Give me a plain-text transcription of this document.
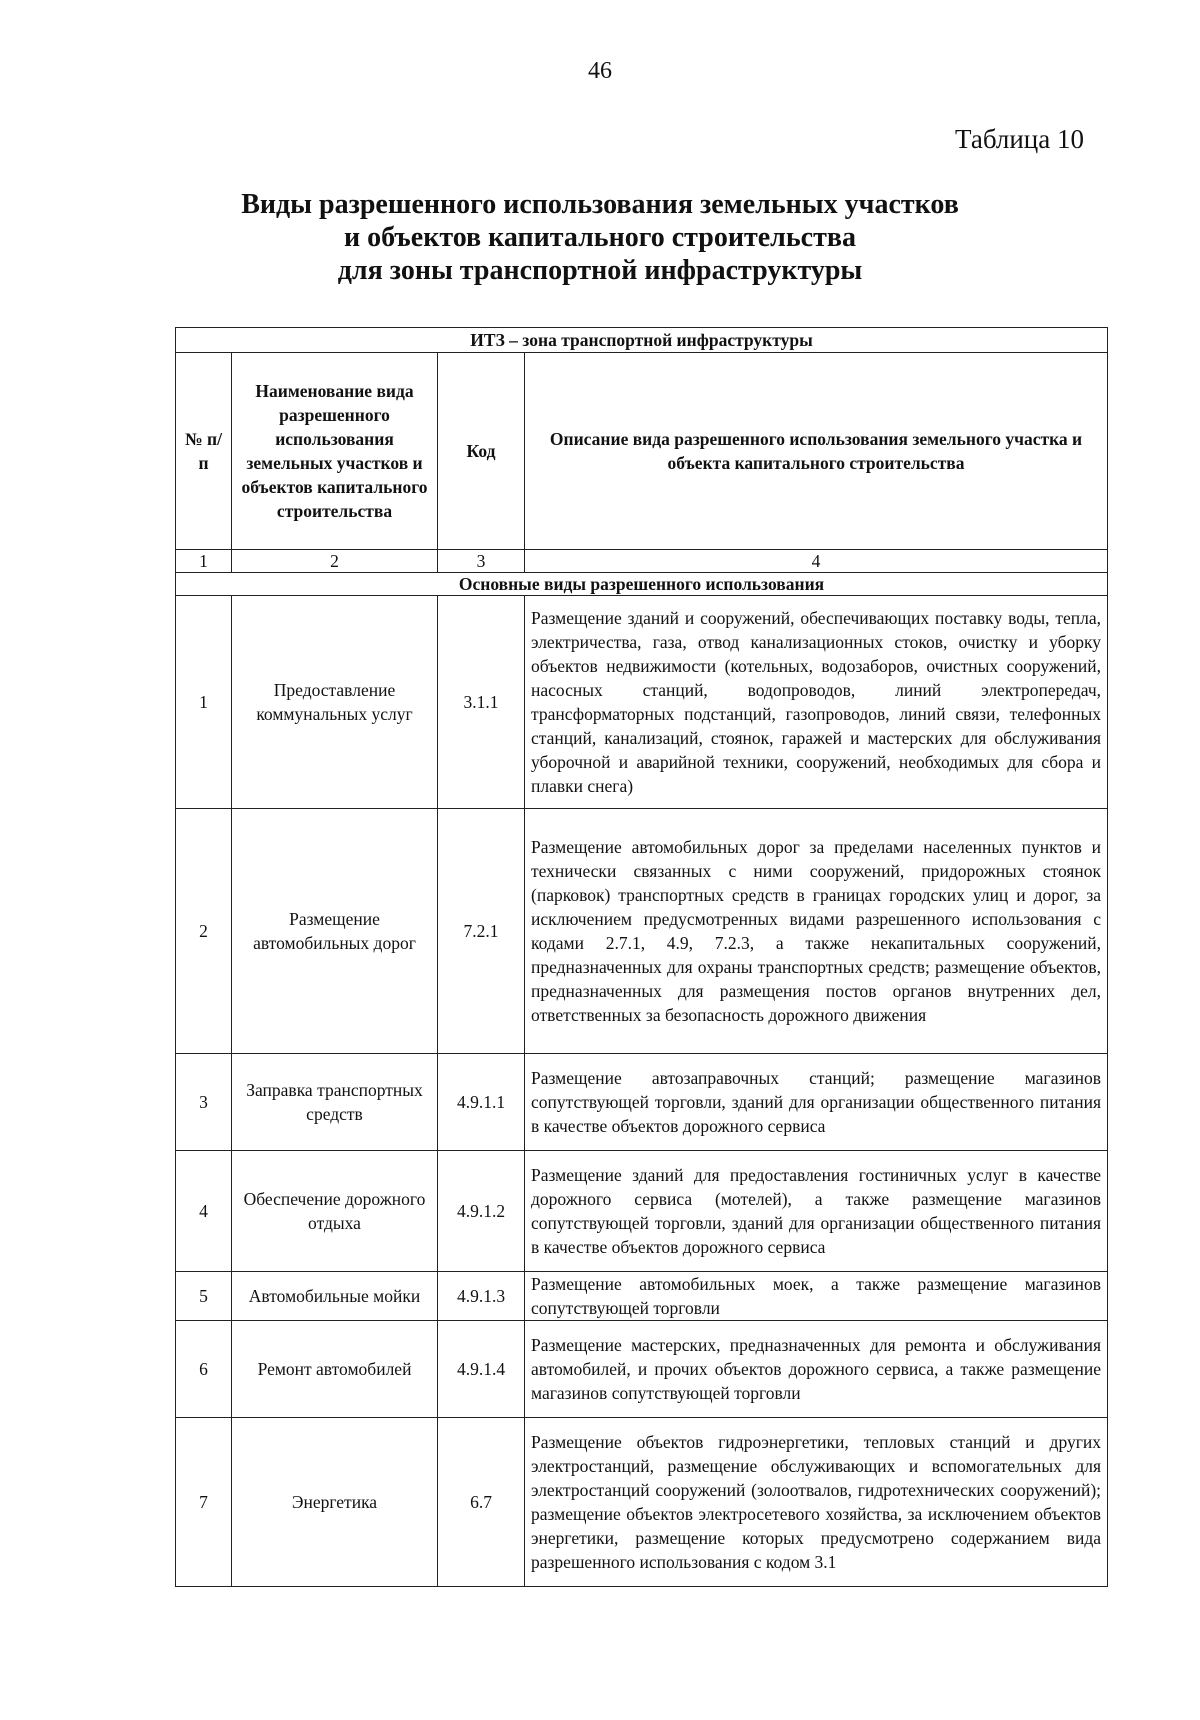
46
Таблица 10
Виды разрешенного использования земельных участков
и объектов капитального строительства
для зоны транспортной инфраструктуры
ИТЗ – зона транспортной инфраструктуры			
№ п/п	Наименование вида разрешенного использования земельных участков и объектов капитального строительства	Код	Описание вида разрешенного использования земельного участка и объекта капитального строительства
1	2	3	4
Основные виды разрешенного использования			
1	Предоставление коммунальных услуг	3.1.1	Размещение зданий и сооружений, обеспечивающих поставку воды, тепла, электричества, газа, отвод канализационных стоков, очистку и уборку объектов недвижимости (котельных, водозаборов, очистных сооружений, насосных станций, водопроводов, линий электропередач, трансформаторных подстанций, газопроводов, линий связи, телефонных станций, канализаций, стоянок, гаражей и мастерских для обслуживания уборочной и аварийной техники, сооружений, необходимых для сбора и плавки снега)
2	Размещение автомобильных дорог	7.2.1	Размещение автомобильных дорог за пределами населенных пунктов и технически связанных с ними сооружений, придорожных стоянок (парковок) транспортных средств в границах городских улиц и дорог, за исключением предусмотренных видами разрешенного использования с кодами 2.7.1, 4.9, 7.2.3, а также некапитальных сооружений, предназначенных для охраны транспортных средств; размещение объектов, предназначенных для размещения постов органов внутренних дел, ответственных за безопасность дорожного движения
3	Заправка транспортных средств	4.9.1.1	Размещение автозаправочных станций; размещение магазинов сопутствующей торговли, зданий для организации общественного питания в качестве объектов дорожного сервиса
4	Обеспечение дорожного отдыха	4.9.1.2	Размещение зданий для предоставления гостиничных услуг в качестве дорожного сервиса (мотелей), а также размещение магазинов сопутствующей торговли, зданий для организации общественного питания в качестве объектов дорожного сервиса
5	Автомобильные мойки	4.9.1.3	Размещение автомобильных моек, а также размещение магазинов сопутствующей торговли
6	Ремонт автомобилей	4.9.1.4	Размещение мастерских, предназначенных для ремонта и обслуживания автомобилей, и прочих объектов дорожного сервиса, а также размещение магазинов сопутствующей торговли
7	Энергетика	6.7	Размещение объектов гидроэнергетики, тепловых станций и других электростанций, размещение обслуживающих и вспомогательных для электростанций сооружений (золоотвалов, гидротехнических сооружений); размещение объектов электросетевого хозяйства, за исключением объектов энергетики, размещение которых предусмотрено содержанием вида разрешенного использования с кодом 3.1
